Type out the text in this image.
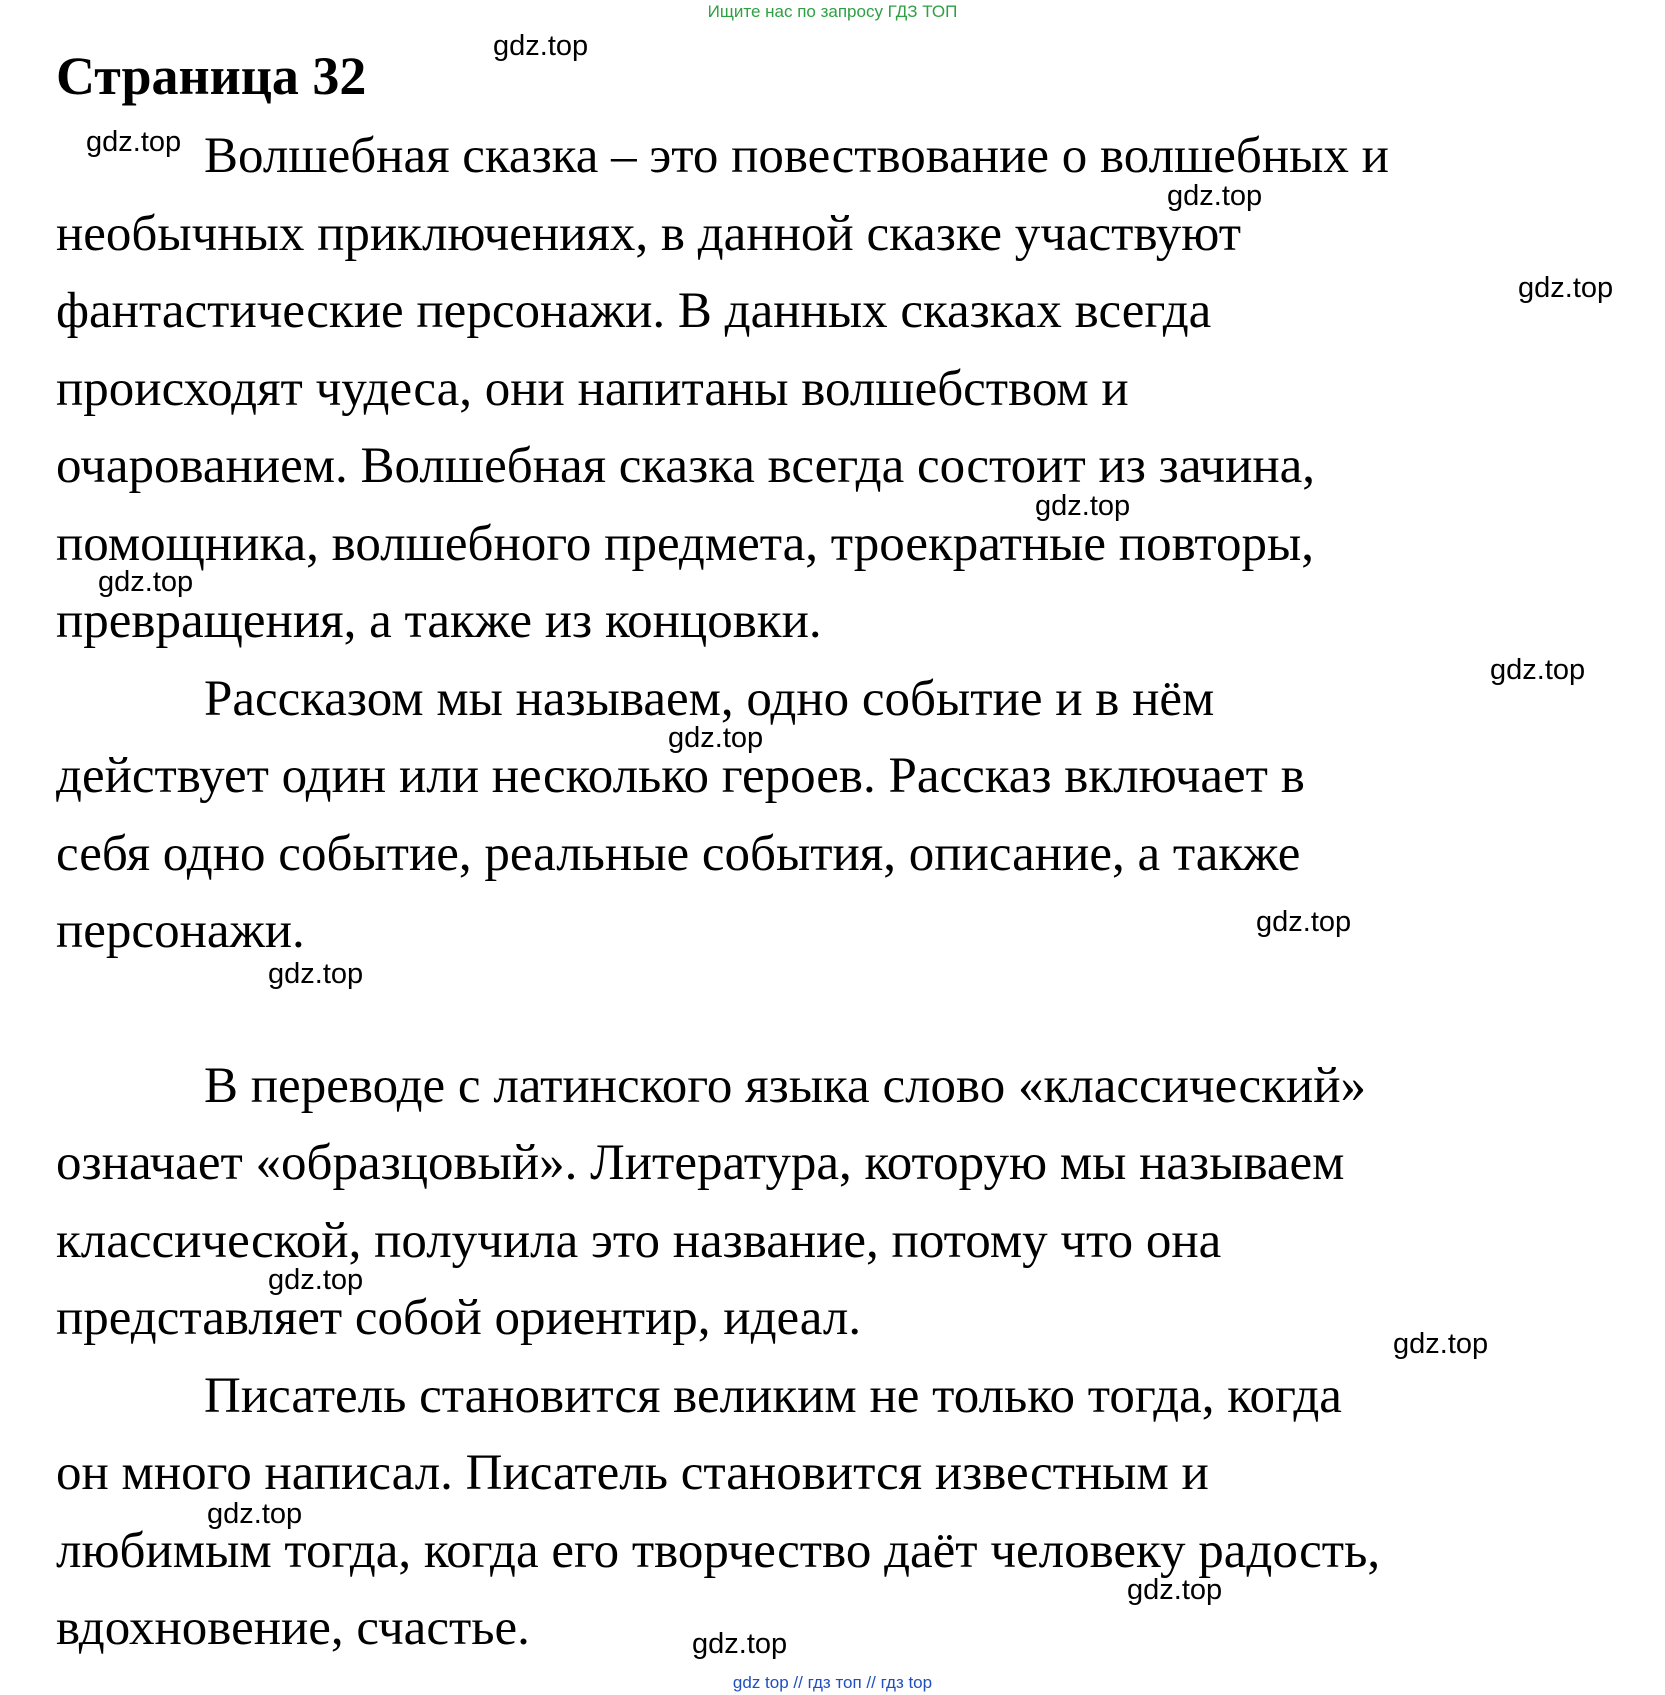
Ищите нас по запросу ГДЗ ТОП
Страница 32
Волшебная сказка – это повествование о волшебных и
необычных приключениях, в данной сказке участвуют
фантастические персонажи. В данных сказках всегда
происходят чудеса, они напитаны волшебством и
очарованием. Волшебная сказка всегда состоит из зачина,
помощника, волшебного предмета, троекратные повторы,
превращения, а также из концовки.
Рассказом мы называем, одно событие и в нём
действует один или несколько героев. Рассказ включает в
себя одно событие, реальные события, описание, а также
персонажи.
В переводе с латинского языка слово «классический»
означает «образцовый». Литература, которую мы называем
классической, получила это название, потому что она
представляет собой ориентир, идеал.
Писатель становится великим не только тогда, когда
он много написал. Писатель становится известным и
любимым тогда, когда его творчество даёт человеку радость,
вдохновение, счастье.
gdz.top
gdz.top
gdz.top
gdz.top
gdz.top
gdz.top
gdz.top
gdz.top
gdz.top
gdz.top
gdz.top
gdz.top
gdz.top
gdz.top
gdz.top
gdz top // гдз топ // гдз top
